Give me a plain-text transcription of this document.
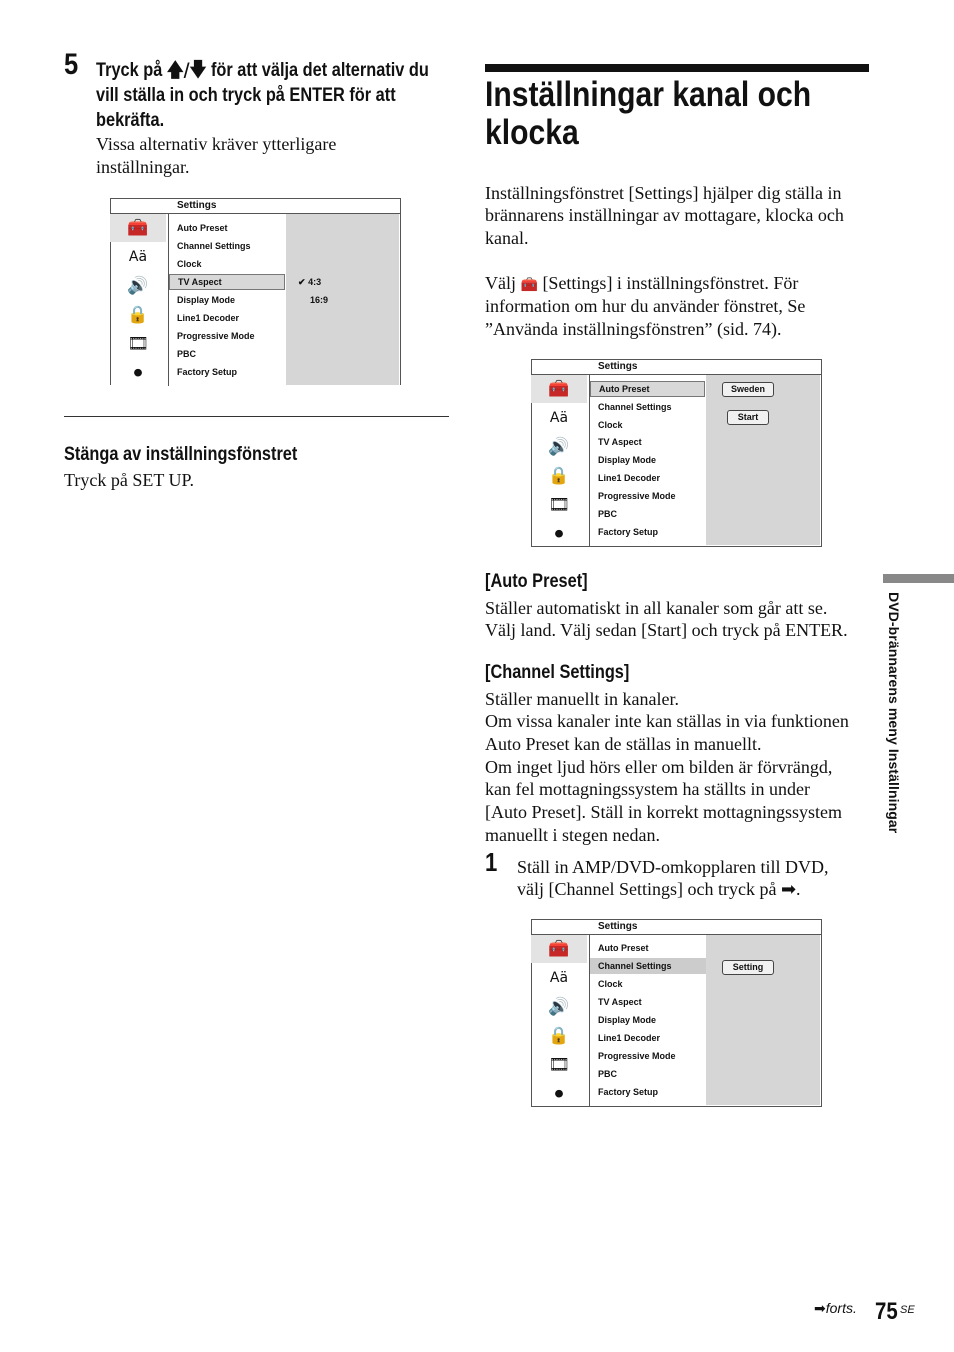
5 Tryck på 🡅/🡇 för att välja det alternativ du
vill ställa in och tryck på ENTER för att
bekräfta.
Vissa alternativ kräver ytterligare
inställningar.
Settings
🧰
Aä
🔊
🔒
🎞
⏺
Auto Preset
Channel Settings
Clock
TV Aspect
Display Mode
Line1 Decoder
Progressive Mode
PBC
Factory Setup
✔ 4:3
16:9
Stänga av inställningsfönstret
Tryck på SET UP.
Inställningar kanal och
klocka
Inställningsfönstret [Settings] hjälper dig ställa in
brännarens inställningar av mottagare, klocka och
kanal.
Välj 🧰 [Settings] i inställningsfönstret. För
information om hur du använder fönstret, Se
”Använda inställningsfönstren” (sid. 74).
Settings
🧰
Aä
🔊
🔒
🎞
⏺
Auto Preset
Channel Settings
Clock
TV Aspect
Display Mode
Line1 Decoder
Progressive Mode
PBC
Factory Setup
Sweden
Start
[Auto Preset]
Ställer automatiskt in all kanaler som går att se.
Välj land. Välj sedan [Start] och tryck på ENTER.
[Channel Settings]
Ställer manuellt in kanaler.
Om vissa kanaler inte kan ställas in via funktionen
Auto Preset kan de ställas in manuellt.
Om inget ljud hörs eller om bilden är förvrängd,
kan fel mottagningssystem ha ställts in under
[Auto Preset]. Ställ in korrekt mottagningssystem
manuellt i stegen nedan.
1 Ställ in AMP/DVD-omkopplaren till DVD,
välj [Channel Settings] och tryck på ➡.
Settings
🧰
Aä
🔊
🔒
🎞
⏺
Auto Preset
Channel Settings
Clock
TV Aspect
Display Mode
Line1 Decoder
Progressive Mode
PBC
Factory Setup
Setting
DVD-brännarens meny Inställningar
➡forts. 75 SE
